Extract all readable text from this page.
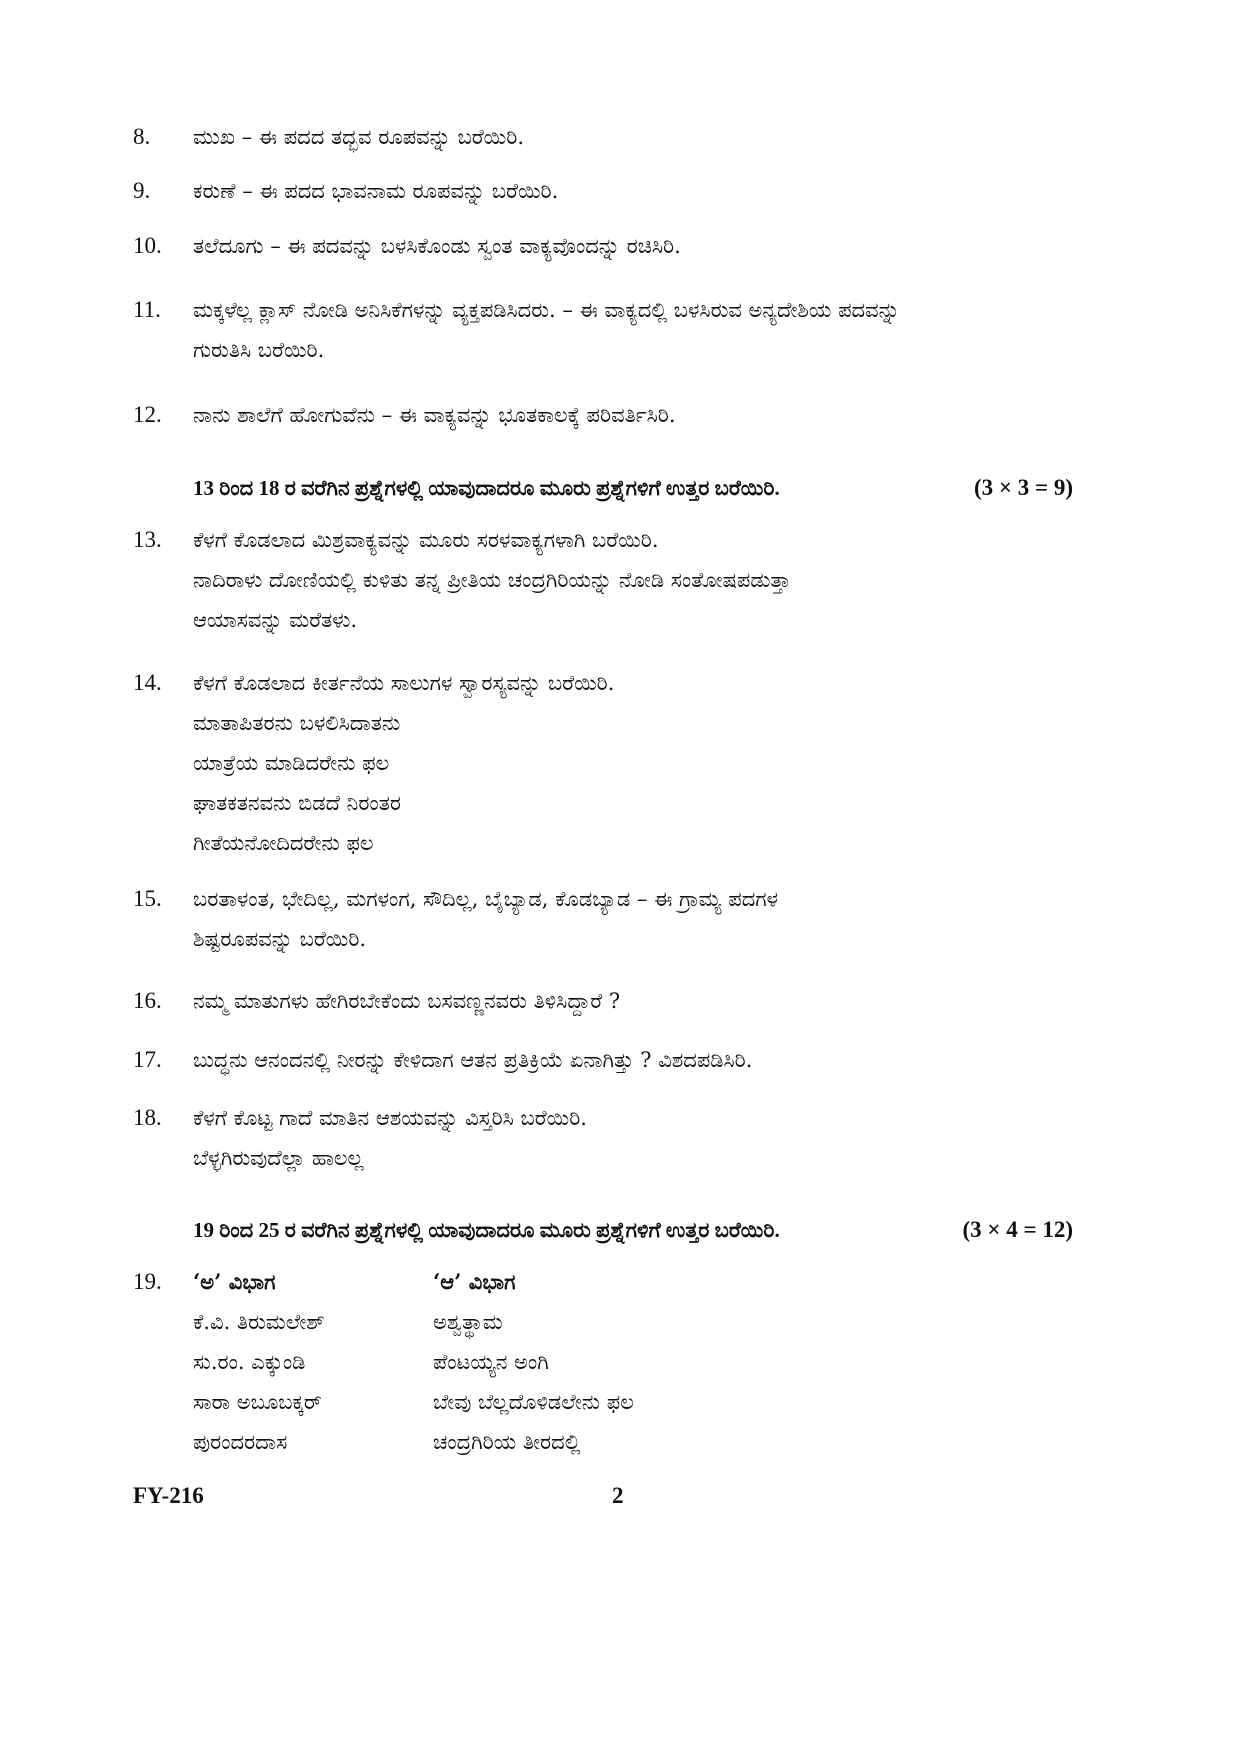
8.	ಮುಖ – ಈ ಪದದ ತದ್ಭವ ರೂಪವನ್ನು ಬರೆಯಿರಿ.
9.	ಕರುಣೆ – ಈ ಪದದ ಭಾವನಾಮ ರೂಪವನ್ನು ಬರೆಯಿರಿ.
10.	ತಲೆದೂಗು – ಈ ಪದವನ್ನು ಬಳಸಿಕೊಂಡು ಸ್ವಂತ ವಾಕ್ಯವೊಂದನ್ನು ರಚಿಸಿರಿ.
11.	ಮಕ್ಕಳೆಲ್ಲ ಕ್ಲಾಸ್ ನೋಡಿ ಅನಿಸಿಕೆಗಳನ್ನು ವ್ಯಕ್ತಪಡಿಸಿದರು. – ಈ ವಾಕ್ಯದಲ್ಲಿ ಬಳಸಿರುವ ಅನ್ಯದೇಶಿಯ ಪದವನ್ನು
ಗುರುತಿಸಿ ಬರೆಯಿರಿ.
12.	ನಾನು ಶಾಲೆಗೆ ಹೋಗುವೆನು – ಈ ವಾಕ್ಯವನ್ನು ಭೂತಕಾಲಕ್ಕೆ ಪರಿವರ್ತಿಸಿರಿ.
13 ರಿಂದ 18 ರ ವರೆಗಿನ ಪ್ರಶ್ನೆಗಳಲ್ಲಿ ಯಾವುದಾದರೂ ಮೂರು ಪ್ರಶ್ನೆಗಳಿಗೆ ಉತ್ತರ ಬರೆಯಿರಿ.	(3 × 3 = 9)
13.	ಕೆಳಗೆ ಕೊಡಲಾದ ಮಿಶ್ರವಾಕ್ಯವನ್ನು ಮೂರು ಸರಳವಾಕ್ಯಗಳಾಗಿ ಬರೆಯಿರಿ.
ನಾದಿರಾಳು ದೋಣಿಯಲ್ಲಿ ಕುಳಿತು ತನ್ನ ಪ್ರೀತಿಯ ಚಂದ್ರಗಿರಿಯನ್ನು ನೋಡಿ ಸಂತೋಷಪಡುತ್ತಾ
ಆಯಾಸವನ್ನು ಮರೆತಳು.
14.	ಕೆಳಗೆ ಕೊಡಲಾದ ಕೀರ್ತನೆಯ ಸಾಲುಗಳ ಸ್ವಾರಸ್ಯವನ್ನು ಬರೆಯಿರಿ.
ಮಾತಾಪಿತರನು ಬಳಲಿಸಿದಾತನು
ಯಾತ್ರೆಯ ಮಾಡಿದರೇನು ಫಲ
ಘಾತಕತನವನು ಬಿಡದೆ ನಿರಂತರ
ಗೀತೆಯನೋದಿದರೇನು ಫಲ
15.	ಬರತಾಳಂತ, ಭೇದಿಲ್ಲ, ಮಗಳಂಗ, ಸೌದಿಲ್ಲ, ಬೈಬ್ಯಾಡ, ಕೊಡಬ್ಯಾಡ – ಈ ಗ್ರಾಮ್ಯ ಪದಗಳ
ಶಿಷ್ಟರೂಪವನ್ನು ಬರೆಯಿರಿ.
16.	ನಮ್ಮ ಮಾತುಗಳು ಹೇಗಿರಬೇಕೆಂದು ಬಸವಣ್ಣನವರು ತಿಳಿಸಿದ್ದಾರೆ ?
17.	ಬುದ್ಧನು ಆನಂದನಲ್ಲಿ ನೀರನ್ನು ಕೇಳಿದಾಗ ಆತನ ಪ್ರತಿಕ್ರಿಯೆ ಏನಾಗಿತ್ತು ? ವಿಶದಪಡಿಸಿರಿ.
18.	ಕೆಳಗೆ ಕೊಟ್ಟ ಗಾದೆ ಮಾತಿನ ಆಶಯವನ್ನು ವಿಸ್ತರಿಸಿ ಬರೆಯಿರಿ.
ಬೆಳ್ಳಗಿರುವುದೆಲ್ಲಾ ಹಾಲಲ್ಲ
19 ರಿಂದ 25 ರ ವರೆಗಿನ ಪ್ರಶ್ನೆಗಳಲ್ಲಿ ಯಾವುದಾದರೂ ಮೂರು ಪ್ರಶ್ನೆಗಳಿಗೆ ಉತ್ತರ ಬರೆಯಿರಿ.	(3 × 4 = 12)
19.	‘ಅ’ ವಿಭಾಗ	‘ಆ’ ವಿಭಾಗ
ಕೆ.ವಿ. ತಿರುಮಲೇಶ್	ಅಶ್ವತ್ಥಾಮ
ಸು.ರಂ. ಎಕ್ಕುಂಡಿ	ಪೆಂಟಯ್ಯನ ಅಂಗಿ
ಸಾರಾ ಅಬೂಬಕ್ಕರ್	ಬೇವು ಬೆಲ್ಲದೊಳಿಡಲೇನು ಫಲ
ಪುರಂದರದಾಸ	ಚಂದ್ರಗಿರಿಯ ತೀರದಲ್ಲಿ
FY-216	2
